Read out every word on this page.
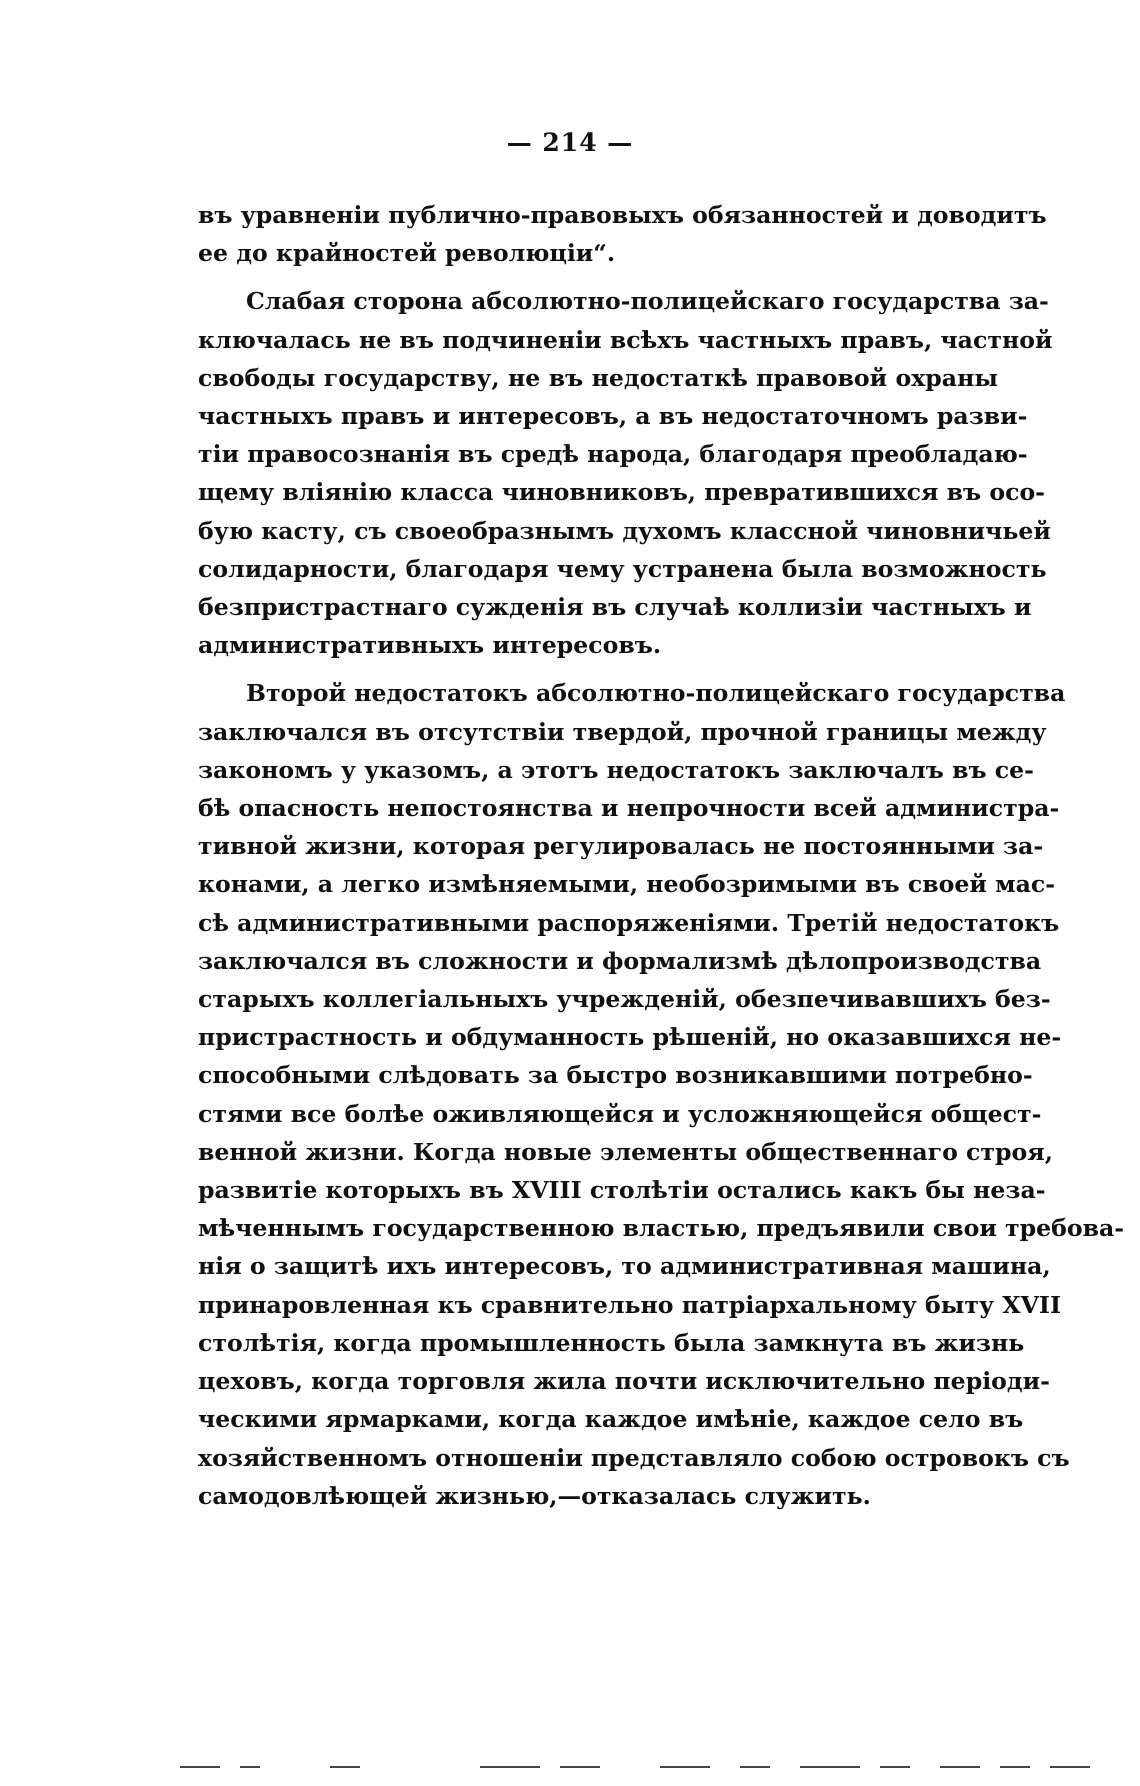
— 214 —
въ уравненіи публично-правовыхъ обязанностей и доводитъ
ее до крайностей революціи“.
Слабая сторона абсолютно-полицейскаго государства за-
ключалась не въ подчиненіи всѣхъ частныхъ правъ, частной
свободы государству, не въ недостаткѣ правовой охраны
частныхъ правъ и интересовъ, а въ недостаточномъ разви-
тіи правосознанія въ средѣ народа, благодаря преобладаю-
щему вліянію класса чиновниковъ, превратившихся въ осо-
бую касту, съ своеобразнымъ духомъ классной чиновничьей
солидарности, благодаря чему устранена была возможность
безпристрастнаго сужденія въ случаѣ коллизіи частныхъ и
административныхъ интересовъ.
Второй недостатокъ абсолютно-полицейскаго государства
заключался въ отсутствіи твердой, прочной границы между
закономъ у указомъ, а этотъ недостатокъ заключалъ въ се-
бѣ опасность непостоянства и непрочности всей администра-
тивной жизни, которая регулировалась не постоянными за-
конами, а легко измѣняемыми, необозримыми въ своей мас-
сѣ административными распоряженіями. Третій недостатокъ
заключался въ сложности и формализмѣ дѣлопроизводства
старыхъ коллегіальныхъ учрежденій, обезпечивавшихъ без-
пристрастность и обдуманность рѣшеній, но оказавшихся не-
способными слѣдовать за быстро возникавшими потребно-
стями все болѣе оживляющейся и усложняющейся общест-
венной жизни. Когда новые элементы общественнаго строя,
развитіе которыхъ въ XVIII столѣтіи остались какъ бы неза-
мѣченнымъ государственною властью, предъявили свои требова-
нія о защитѣ ихъ интересовъ, то административная машина,
принаровленная къ сравнительно патріархальному быту XVII
столѣтія, когда промышленность была замкнута въ жизнь
цеховъ, когда торговля жила почти исключительно періоди-
ческими ярмарками, когда каждое имѣніе, каждое село въ
хозяйственномъ отношеніи представляло собою островокъ съ
самодовлѣющей жизнью,—отказалась служить.
